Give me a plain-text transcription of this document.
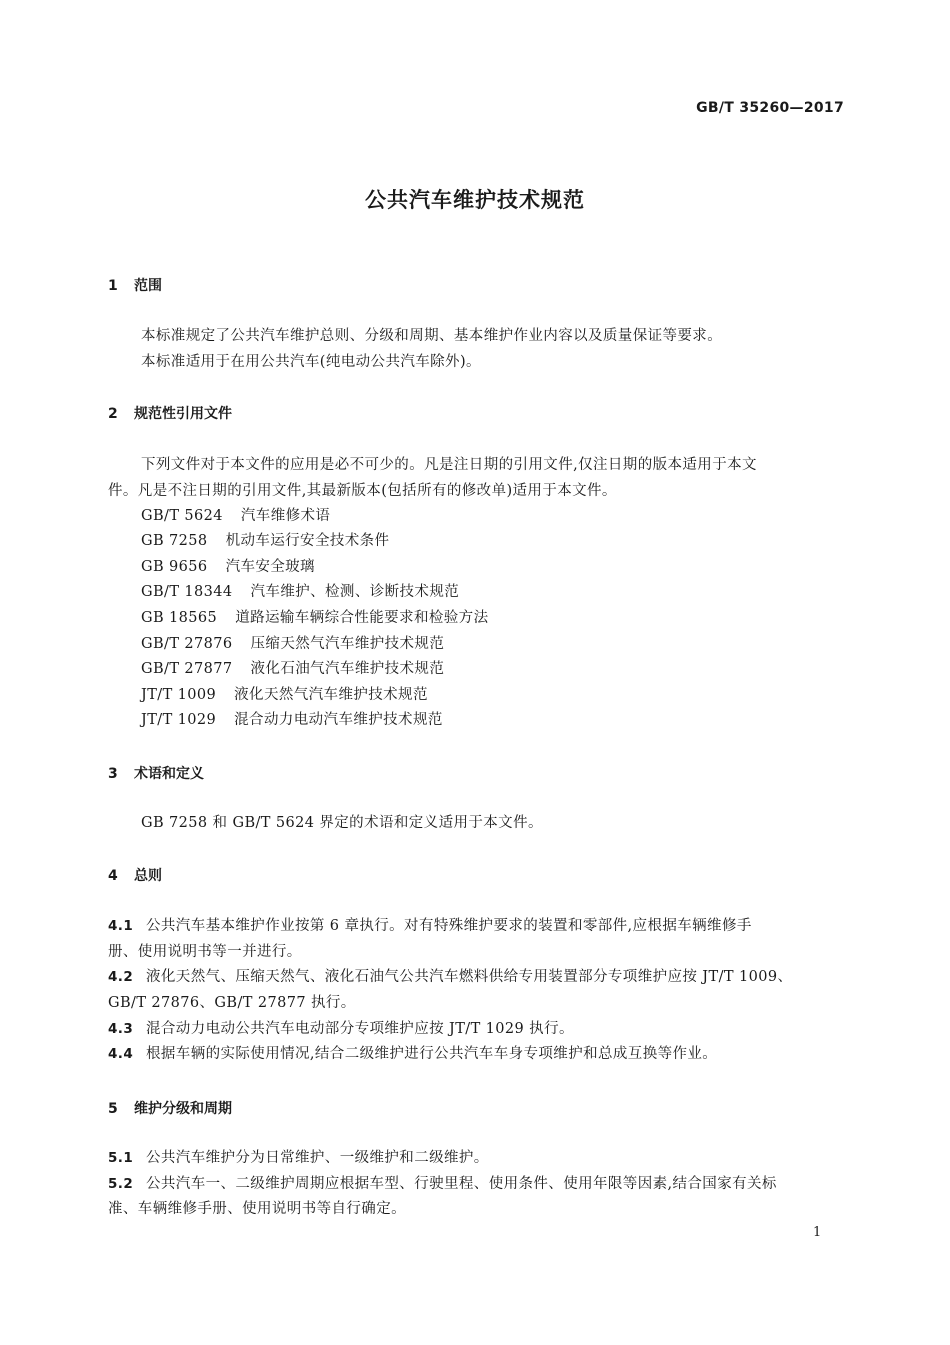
GB/T 35260—2017
公共汽车维护技术规范
1 范围
本标准规定了公共汽车维护总则、分级和周期、基本维护作业内容以及质量保证等要求。
本标准适用于在用公共汽车(纯电动公共汽车除外)。
2 规范性引用文件
下列文件对于本文件的应用是必不可少的。凡是注日期的引用文件,仅注日期的版本适用于本文
件。凡是不注日期的引用文件,其最新版本(包括所有的修改单)适用于本文件。
GB/T 5624 汽车维修术语
GB 7258 机动车运行安全技术条件
GB 9656 汽车安全玻璃
GB/T 18344 汽车维护、检测、诊断技术规范
GB 18565 道路运输车辆综合性能要求和检验方法
GB/T 27876 压缩天然气汽车维护技术规范
GB/T 27877 液化石油气汽车维护技术规范
JT/T 1009 液化天然气汽车维护技术规范
JT/T 1029 混合动力电动汽车维护技术规范
3 术语和定义
GB 7258 和 GB/T 5624 界定的术语和定义适用于本文件。
4 总则
4.1 公共汽车基本维护作业按第 6 章执行。对有特殊维护要求的装置和零部件,应根据车辆维修手
册、使用说明书等一并进行。
4.2 液化天然气、压缩天然气、液化石油气公共汽车燃料供给专用装置部分专项维护应按 JT/T 1009、
GB/T 27876、GB/T 27877 执行。
4.3 混合动力电动公共汽车电动部分专项维护应按 JT/T 1029 执行。
4.4 根据车辆的实际使用情况,结合二级维护进行公共汽车车身专项维护和总成互换等作业。
5 维护分级和周期
5.1 公共汽车维护分为日常维护、一级维护和二级维护。
5.2 公共汽车一、二级维护周期应根据车型、行驶里程、使用条件、使用年限等因素,结合国家有关标
准、车辆维修手册、使用说明书等自行确定。
1
